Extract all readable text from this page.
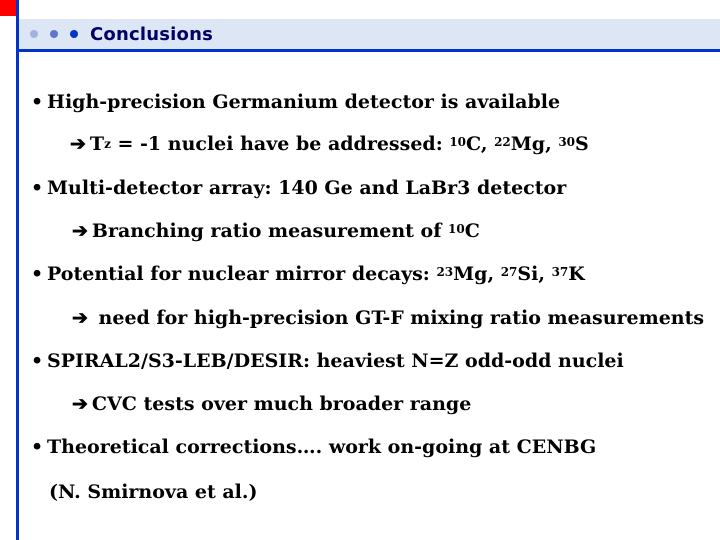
Conclusions
• High-precision Germanium detector is available
➔ Tz = -1 nuclei have be addressed: $^{10}$C, $^{22}$Mg, $^{30}$S
• Multi-detector array: 140 Ge and LaBr3 detector
➔ Branching ratio measurement of $^{10}$C
• Potential for nuclear mirror decays: $^{23}$Mg, $^{27}$Si, $^{37}$K
➔ need for high-precision GT-F mixing ratio measurements
• SPIRAL2/S3-LEB/DESIR: heaviest N=Z odd-odd nuclei
➔ CVC tests over much broader range
• Theoretical corrections…. work on-going at CENBG
(N. Smirnova et al.)
